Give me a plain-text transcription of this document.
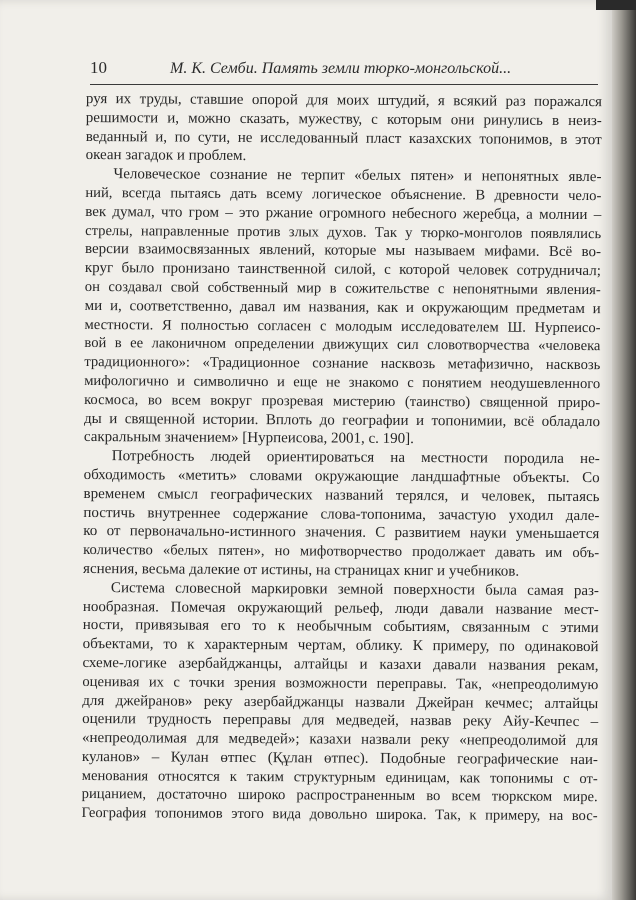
10	М. К. Семби. Память земли тюрко-монгольской...
руя их труды, ставшие опорой для моих штудий, я всякий раз поражался
решимости и, можно сказать, мужеству, с которым они ринулись в неиз-
веданный и, по сути, не исследованный пласт казахских топонимов, в этот
океан загадок и проблем.
Человеческое сознание не терпит «белых пятен» и непонятных явле-
ний, всегда пытаясь дать всему логическое объяснение. В древности чело-
век думал, что гром – это ржание огромного небесного жеребца, а молнии –
стрелы, направленные против злых духов. Так у тюрко-монголов появлялись
версии взаимосвязанных явлений, которые мы называем мифами. Всё во-
круг было пронизано таинственной силой, с которой человек сотрудничал;
он создавал свой собственный мир в сожительстве с непонятными явления-
ми и, соответственно, давал им названия, как и окружающим предметам и
местности. Я полностью согласен с молодым исследователем Ш. Нурпеисо-
вой в ее лаконичном определении движущих сил словотворчества «человека
традиционного»: «Традиционное сознание насквозь метафизично, насквозь
мифологично и символично и еще не знакомо с понятием неодушевленного
космоса, во всем вокруг прозревая мистерию (таинство) священной приро-
ды и священной истории. Вплоть до географии и топонимии, всё обладало
сакральным значением» [Нурпеисова, 2001, с. 190].
Потребность людей ориентироваться на местности породила не-
обходимость «метить» словами окружающие ландшафтные объекты. Со
временем смысл географических названий терялся, и человек, пытаясь
постичь внутреннее содержание слова-топонима, зачастую уходил дале-
ко от первоначально-истинного значения. С развитием науки уменьшается
количество «белых пятен», но мифотворчество продолжает давать им объ-
яснения, весьма далекие от истины, на страницах книг и учебников.
Система словесной маркировки земной поверхности была самая раз-
нообразная. Помечая окружающий рельеф, люди давали название мест-
ности, привязывая его то к необычным событиям, связанным с этими
объектами, то к характерным чертам, облику. К примеру, по одинаковой
схеме-логике азербайджанцы, алтайцы и казахи давали названия рекам,
оценивая их с точки зрения возможности переправы. Так, «непреодолимую
для джейранов» реку азербайджанцы назвали Джейран кечмес; алтайцы
оценили трудность переправы для медведей, назвав реку Айу-Кечпес –
«непреодолимая для медведей»; казахи назвали реку «непреодолимой для
куланов» – Кулан өтпес (Құлан өтпес). Подобные географические наи-
менования относятся к таким структурным единицам, как топонимы с от-
рицанием, достаточно широко распространенным во всем тюркском мире.
География топонимов этого вида довольно широка. Так, к примеру, на вос-
